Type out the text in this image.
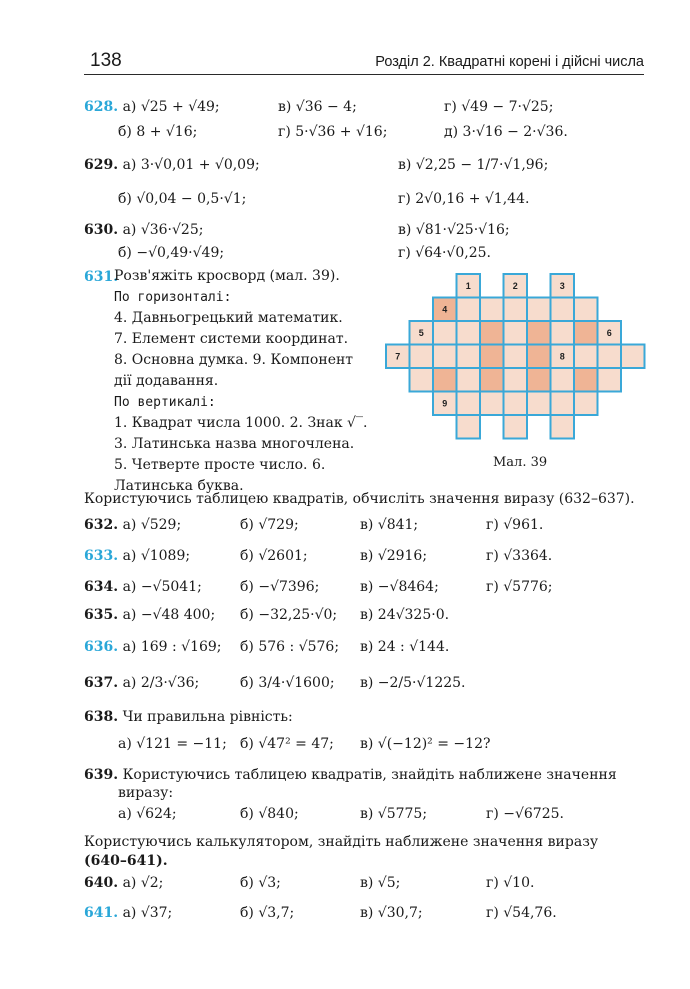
138	Розділ 2. Квадратні корені і дійсні числа
628. а) √25 + √49;	в) √36 − 4;	г) √49 − 7·√25;
б) 8 + √16;	г) 5·√36 + √16;	д) 3·√16 − 2·√36.
629. а) 3·√0,01 + √0,09;	в) √2,25 − 1/7·√1,96;
б) √0,04 − 0,5·√1;	г) 2√0,16 + √1,44.
630. а) √36·√25;	в) √81·√25·√16;
б) −√0,49·√49;	г) √64·√0,25.
631.
Розв'яжіть кросворд (мал. 39).
По горизонталі:
4. Давньогрецький математик.
7. Елемент системи координат.
8. Основна думка. 9. Компонент
дії додавання.
По вертикалі:
1. Квадрат числа 1000. 2. Знак √‾.
3. Латинська назва многочлена.
5. Четверте просте число. 6.
Латинська буква.
1	2	3
4
5	6
7	8
9
Мал. 39
Користуючись таблицею квадратів, обчисліть значення виразу (632–637).
632. а) √529;	б) √729;	в) √841;	г) √961.
633. а) √1089;	б) √2601;	в) √2916;	г) √3364.
634. а) −√5041;	б) −√7396;	в) −√8464;	г) √5776;
635. а) −√48 400; б) −32,25·√0; в) 24√325·0.
636. а) 169 : √169; б) 576 : √576; в) 24 : √144.
637. а) 2/3·√36;	б) 3/4·√1600; в) −2/5·√1225.
638. Чи правильна рівність:
а) √121 = −11; б) √47² = 47; в) √(−12)² = −12?
639. Користуючись таблицею квадратів, знайдіть наближене значення
виразу:
а) √624;	б) √840;	в) √5775;	г) −√6725.
Користуючись калькулятором, знайдіть наближене значення виразу
(640–641).
640. а) √2;	б) √3;	в) √5;	г) √10.
641. а) √37;	б) √3,7;	в) √30,7;	г) √54,76.
